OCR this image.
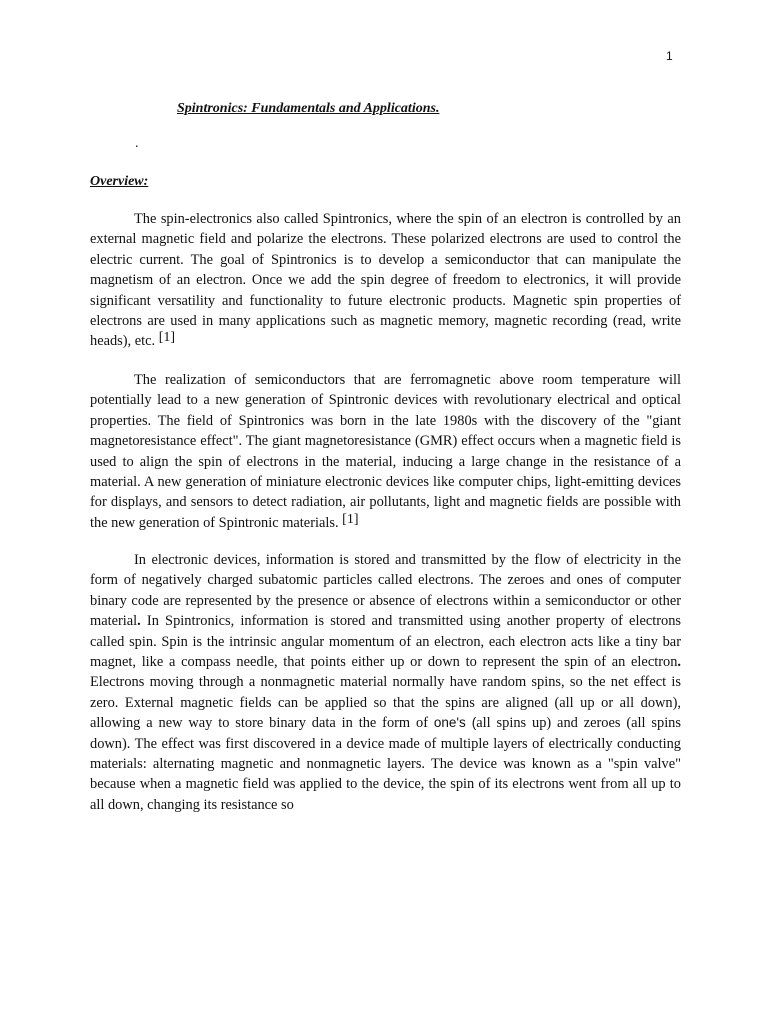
1
Spintronics: Fundamentals and Applications.
.
Overview:

The spin-electronics also called Spintronics, where the spin of an electron is controlled by an external magnetic field and polarize the electrons. These polarized electrons are used to control the electric current. The goal of Spintronics is to develop a semiconductor that can manipulate the magnetism of an electron. Once we add the spin degree of freedom to electronics, it will provide significant versatility and functionality to future electronic products. Magnetic spin properties of electrons are used in many applications such as magnetic memory, magnetic recording (read, write heads), etc. [1]

The realization of semiconductors that are ferromagnetic above room temperature will potentially lead to a new generation of Spintronic devices with revolutionary electrical and optical properties. The field of Spintronics was born in the late 1980s with the discovery of the "giant magnetoresistance effect". The giant magnetoresistance (GMR) effect occurs when a magnetic field is used to align the spin of electrons in the material, inducing a large change in the resistance of a material. A new generation of miniature electronic devices like computer chips, light-emitting devices for displays, and sensors to detect radiation, air pollutants, light and magnetic fields are possible with the new generation of Spintronic materials. [1]

In electronic devices, information is stored and transmitted by the flow of electricity in the form of negatively charged subatomic particles called electrons. The zeroes and ones of computer binary code are represented by the presence or absence of electrons within a semiconductor or other material. In Spintronics, information is stored and transmitted using another property of electrons called spin. Spin is the intrinsic angular momentum of an electron, each electron acts like a tiny bar magnet, like a compass needle, that points either up or down to represent the spin of an electron. Electrons moving through a nonmagnetic material normally have random spins, so the net effect is zero. External magnetic fields can be applied so that the spins are aligned (all up or all down), allowing a new way to store binary data in the form of one's (all spins up) and zeroes (all spins down). The effect was first discovered in a device made of multiple layers of electrically conducting materials: alternating magnetic and nonmagnetic layers. The device was known as a "spin valve" because when a magnetic field was applied to the device, the spin of its electrons went from all up to all down, changing its resistance so
